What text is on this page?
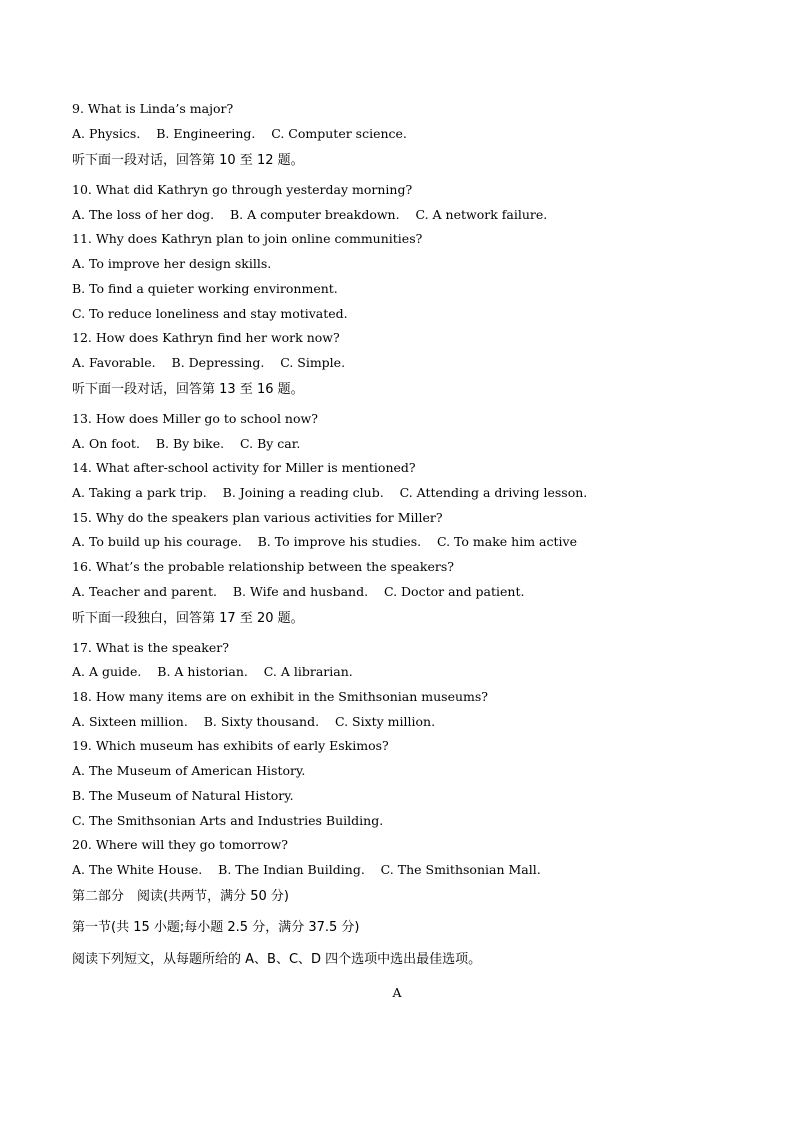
9. What is Linda’s major?
A. Physics.    B. Engineering.    C. Computer science.
听下面一段对话，回答第 10 至 12 题。
10. What did Kathryn go through yesterday morning?
A. The loss of her dog.    B. A computer breakdown.    C. A network failure.
11. Why does Kathryn plan to join online communities?
A. To improve her design skills.
B. To find a quieter working environment.
C. To reduce loneliness and stay motivated.
12. How does Kathryn find her work now?
A. Favorable.    B. Depressing.    C. Simple.
听下面一段对话，回答第 13 至 16 题。
13. How does Miller go to school now?
A. On foot.    B. By bike.    C. By car.
14. What after-school activity for Miller is mentioned?
A. Taking a park trip.    B. Joining a reading club.    C. Attending a driving lesson.
15. Why do the speakers plan various activities for Miller?
A. To build up his courage.    B. To improve his studies.    C. To make him active
16. What’s the probable relationship between the speakers?
A. Teacher and parent.    B. Wife and husband.    C. Doctor and patient.
听下面一段独白，回答第 17 至 20 题。
17. What is the speaker?
A. A guide.    B. A historian.    C. A librarian.
18. How many items are on exhibit in the Smithsonian museums?
A. Sixteen million.    B. Sixty thousand.    C. Sixty million.
19. Which museum has exhibits of early Eskimos?
A. The Museum of American History.
B. The Museum of Natural History.
C. The Smithsonian Arts and Industries Building.
20. Where will they go tomorrow?
A. The White House.    B. The Indian Building.    C. The Smithsonian Mall.
第二部分　阅读(共两节，满分 50 分)
第一节(共 15 小题;每小题 2.5 分，满分 37.5 分)
阅读下列短文，从每题所给的 A、B、C、D 四个选项中选出最佳选项。
A
